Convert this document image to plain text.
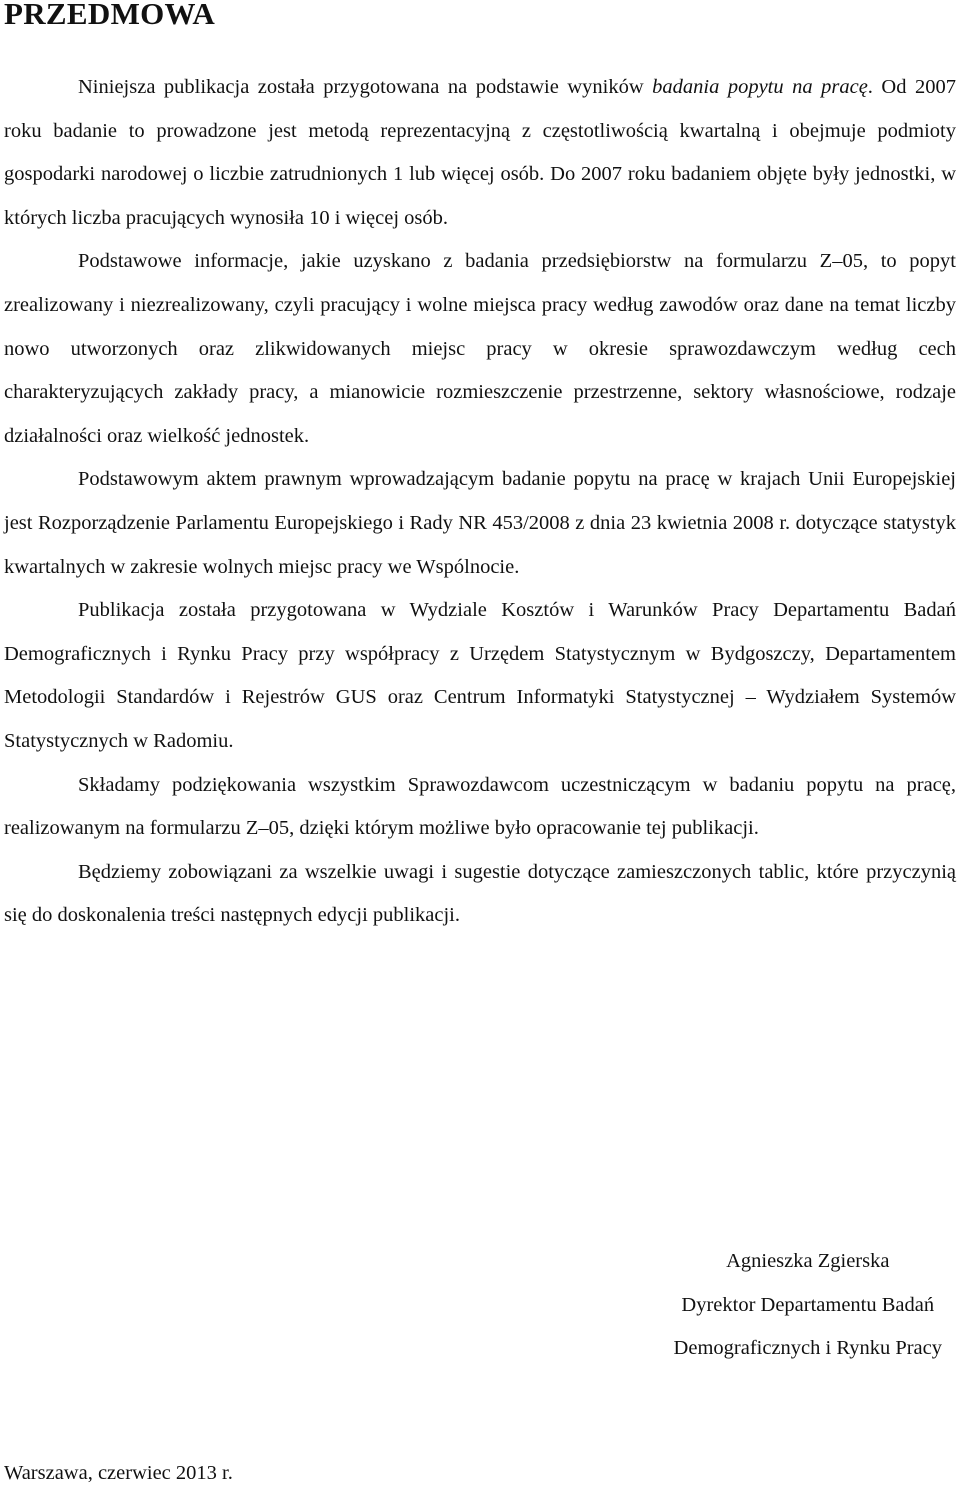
PRZEDMOWA

Niniejsza publikacja została przygotowana na podstawie wyników badania popytu na pracę. Od 2007 roku badanie to prowadzone jest metodą reprezentacyjną z częstotliwością kwartalną i obejmuje podmioty gospodarki narodowej o liczbie zatrudnionych 1 lub więcej osób. Do 2007 roku badaniem objęte były jednostki, w których liczba pracujących wynosiła 10 i więcej osób.

Podstawowe informacje, jakie uzyskano z badania przedsiębiorstw na formularzu Z–05, to popyt zrealizowany i niezrealizowany, czyli pracujący i wolne miejsca pracy według zawodów oraz dane na temat liczby nowo utworzonych oraz zlikwidowanych miejsc pracy w okresie sprawozdawczym według cech charakteryzujących zakłady pracy, a mianowicie rozmieszczenie przestrzenne, sektory własnościowe, rodzaje działalności oraz wielkość jednostek.

Podstawowym aktem prawnym wprowadzającym badanie popytu na pracę w krajach Unii Europejskiej jest Rozporządzenie Parlamentu Europejskiego i Rady NR 453/2008 z dnia 23 kwietnia 2008 r. dotyczące statystyk kwartalnych w zakresie wolnych miejsc pracy we Wspólnocie.

Publikacja została przygotowana w Wydziale Kosztów i Warunków Pracy Departamentu Badań Demograficznych i Rynku Pracy przy współpracy z Urzędem Statystycznym w Bydgoszczy, Departamentem Metodologii Standardów i Rejestrów GUS oraz Centrum Informatyki Statystycznej – Wydziałem Systemów Statystycznych w Radomiu.

Składamy podziękowania wszystkim Sprawozdawcom uczestniczącym w badaniu popytu na pracę, realizowanym na formularzu Z–05, dzięki którym możliwe było opracowanie tej publikacji.

Będziemy zobowiązani za wszelkie uwagi i sugestie dotyczące zamieszczonych tablic, które przyczynią się do doskonalenia treści następnych edycji publikacji.

Agnieszka Zgierska
Dyrektor Departamentu Badań
Demograficznych i Rynku Pracy
Warszawa, czerwiec 2013 r.
